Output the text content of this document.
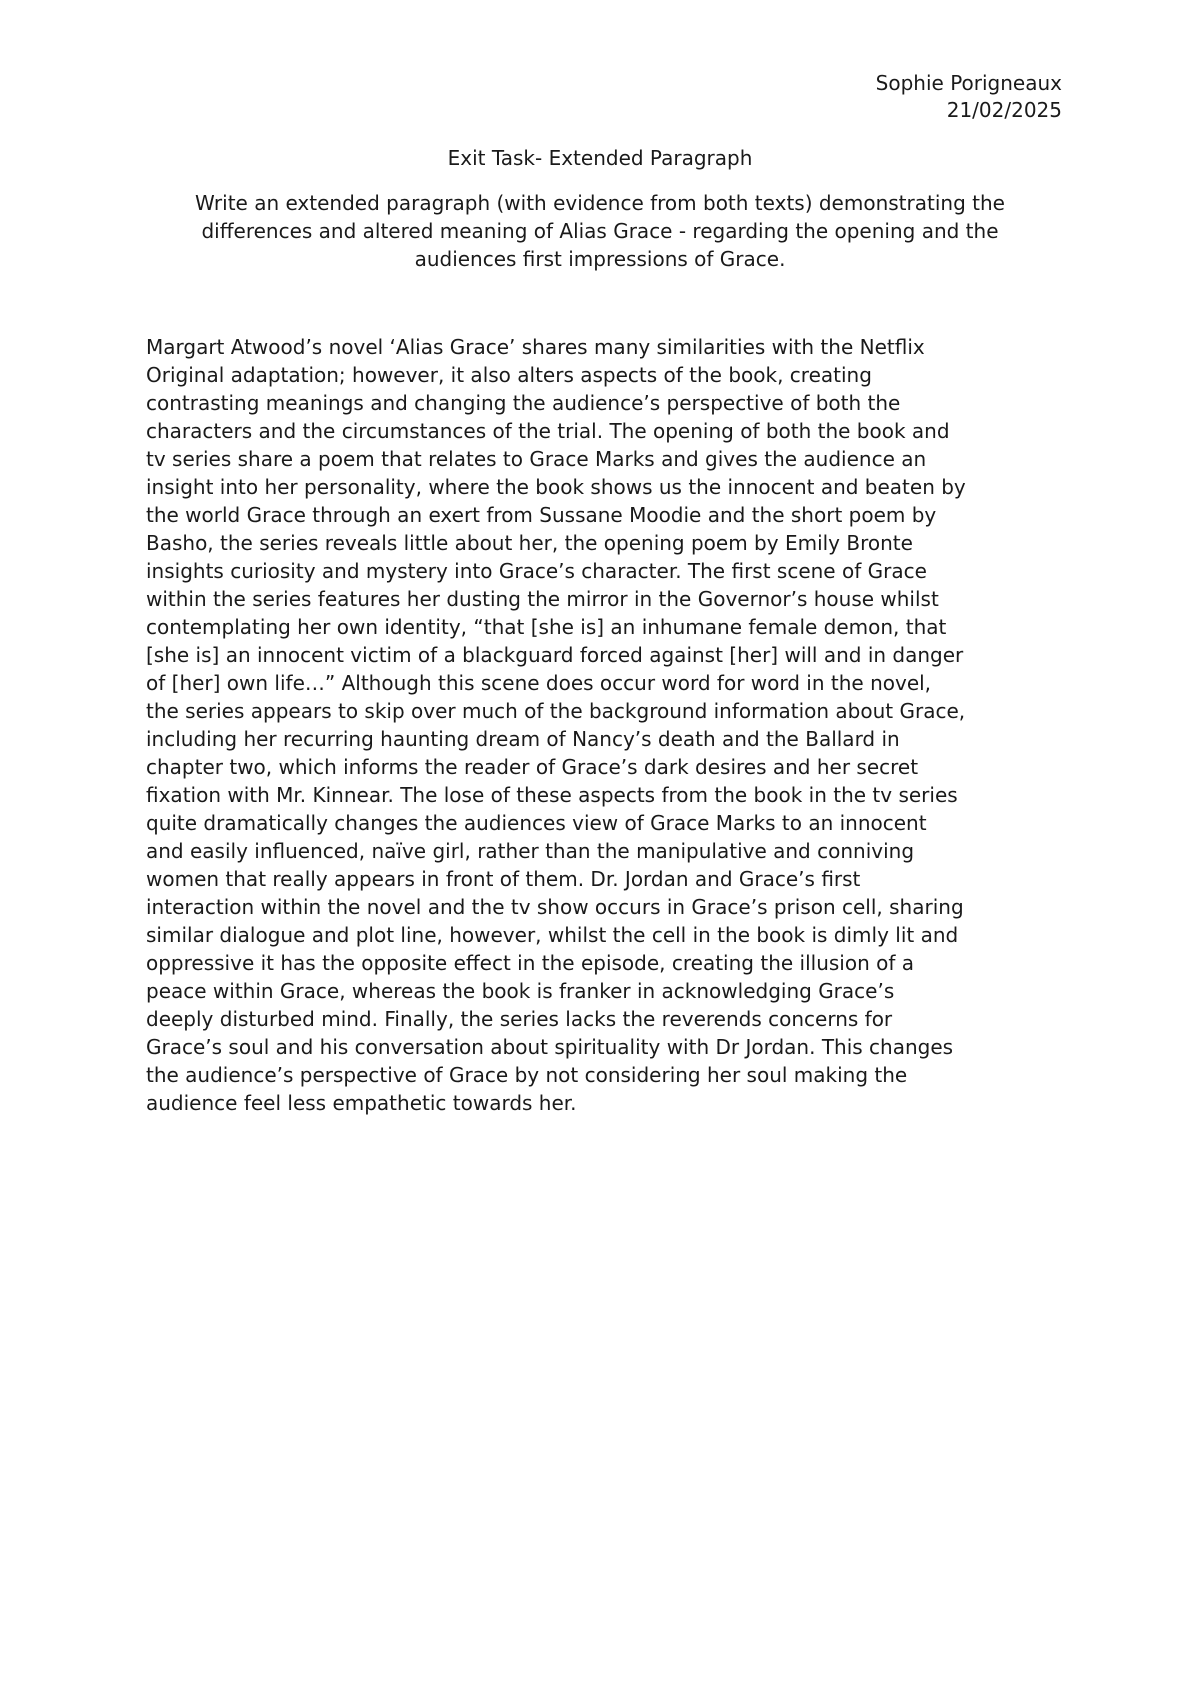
Sophie Porigneaux
21/02/2025
Exit Task- Extended Paragraph
Write an extended paragraph (with evidence from both texts) demonstrating the
differences and altered meaning of Alias Grace - regarding the opening and the
audiences first impressions of Grace.
Margart Atwood’s novel ‘Alias Grace’ shares many similarities with the Netflix
Original adaptation; however, it also alters aspects of the book, creating
contrasting meanings and changing the audience’s perspective of both the
characters and the circumstances of the trial. The opening of both the book and
tv series share a poem that relates to Grace Marks and gives the audience an
insight into her personality, where the book shows us the innocent and beaten by
the world Grace through an exert from Sussane Moodie and the short poem by
Basho, the series reveals little about her, the opening poem by Emily Bronte
insights curiosity and mystery into Grace’s character. The first scene of Grace
within the series features her dusting the mirror in the Governor’s house whilst
contemplating her own identity, “that [she is] an inhumane female demon, that
[she is] an innocent victim of a blackguard forced against [her] will and in danger
of [her] own life…” Although this scene does occur word for word in the novel,
the series appears to skip over much of the background information about Grace,
including her recurring haunting dream of Nancy’s death and the Ballard in
chapter two, which informs the reader of Grace’s dark desires and her secret
fixation with Mr. Kinnear. The lose of these aspects from the book in the tv series
quite dramatically changes the audiences view of Grace Marks to an innocent
and easily influenced, naïve girl, rather than the manipulative and conniving
women that really appears in front of them. Dr. Jordan and Grace’s first
interaction within the novel and the tv show occurs in Grace’s prison cell, sharing
similar dialogue and plot line, however, whilst the cell in the book is dimly lit and
oppressive it has the opposite effect in the episode, creating the illusion of a
peace within Grace, whereas the book is franker in acknowledging Grace’s
deeply disturbed mind. Finally, the series lacks the reverends concerns for
Grace’s soul and his conversation about spirituality with Dr Jordan. This changes
the audience’s perspective of Grace by not considering her soul making the
audience feel less empathetic towards her.
